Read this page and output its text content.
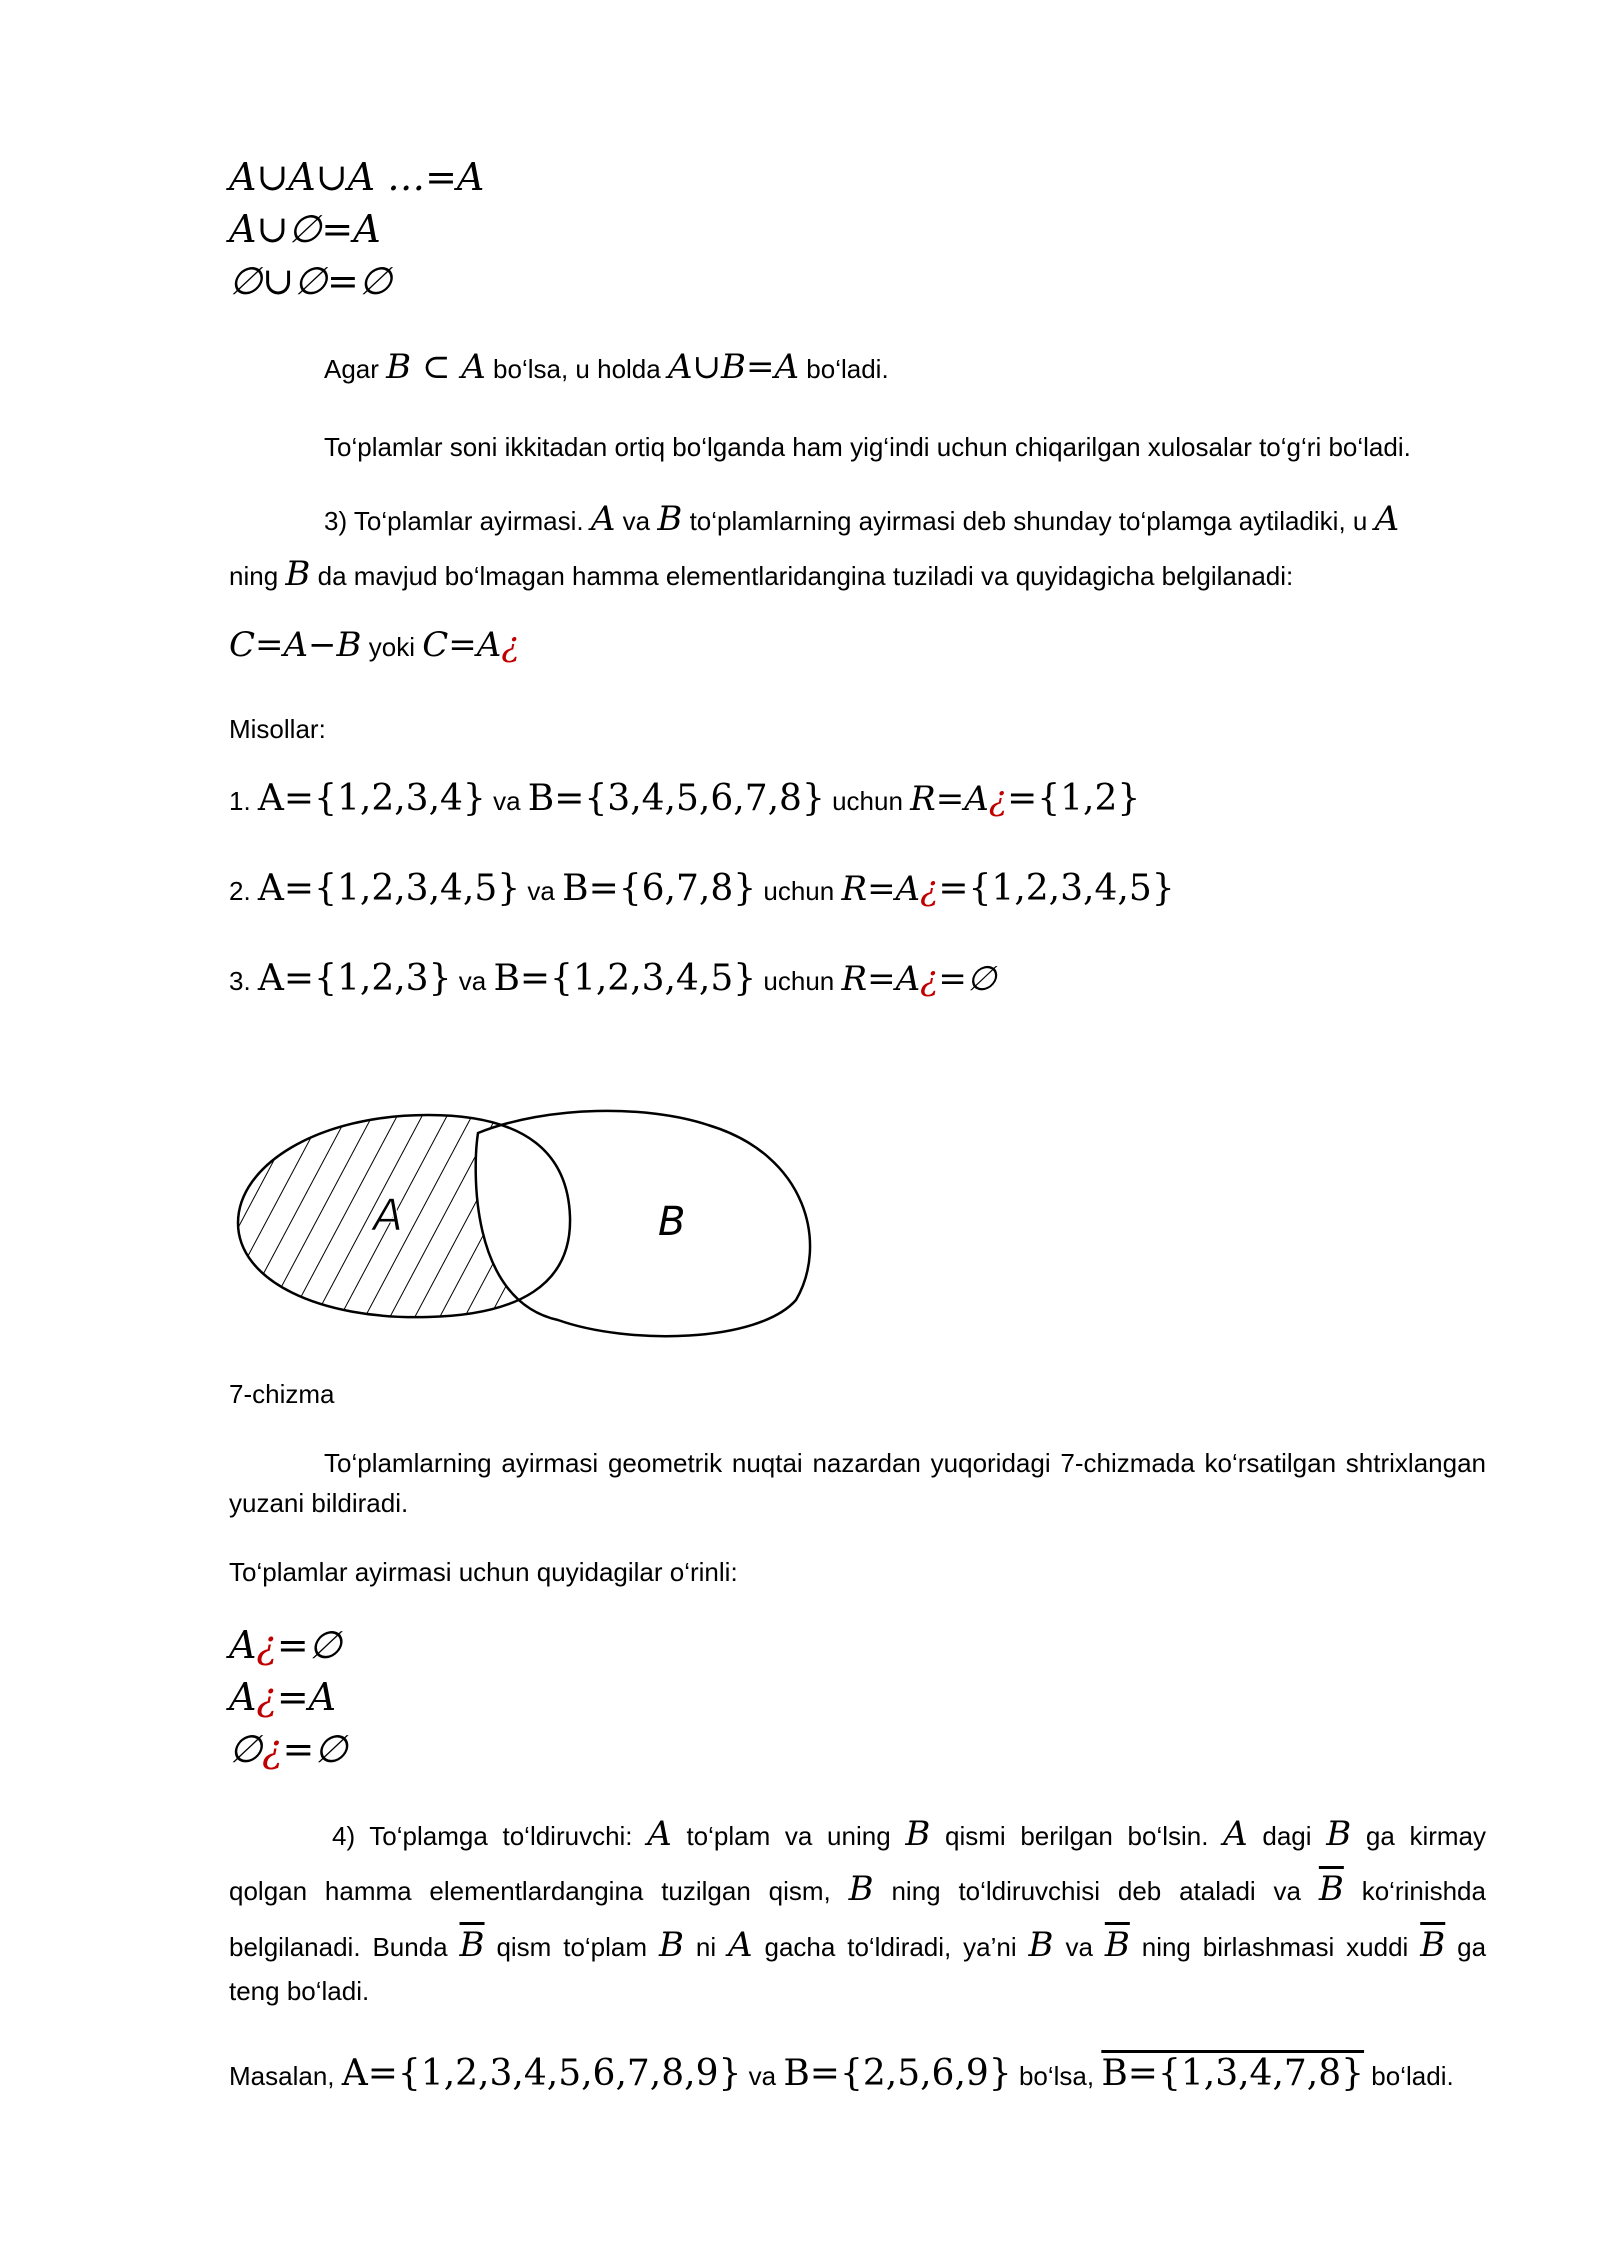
A∪A∪A …=A
A∪∅=A
∅∪∅=∅
Agar B ⊂ A bo‘lsa, u holda A∪B=A bo‘ladi.
To‘plamlar soni ikkitadan ortiq bo‘lganda ham yig‘indi uchun chiqarilgan xulosalar to‘g‘ri bo‘ladi.
3) To‘plamlar ayirmasi. A va B to‘plamlarning ayirmasi deb shunday to‘plamga aytiladiki, u A
ning B da mavjud bo‘lmagan hamma elementlaridangina tuziladi va quyidagicha belgilanadi:
C=A−B yoki C=A¿
Misollar:
1. A={1,2,3,4} va B={3,4,5,6,7,8} uchun R=A¿={1,2}
2. A={1,2,3,4,5} va B={6,7,8} uchun R=A¿={1,2,3,4,5}
3. A={1,2,3} va B={1,2,3,4,5} uchun R=A¿=∅
A	B
7-chizma
To‘plamlarning ayirmasi geometrik nuqtai nazardan yuqoridagi 7-chizmada ko‘rsatilgan shtrixlangan yuzani bildiradi.
To‘plamlar ayirmasi uchun quyidagilar o‘rinli:
A¿=∅
A¿=A
∅¿=∅
4) To‘plamga to‘ldiruvchi: A to‘plam va uning B qismi berilgan bo‘lsin. A dagi B ga kirmay
qolgan hamma elementlardangina tuzilgan qism, B ning to‘ldiruvchisi deb ataladi va $\overline{B}$ ko‘rinishda
belgilanadi. Bunda $\overline{B}$ qism to‘plam B ni A gacha to‘ldiradi, ya’ni B va $\overline{B}$ ning birlashmasi xuddi $\overline{B}$ ga
teng bo‘ladi.
Masalan, A={1,2,3,4,5,6,7,8,9} va B={2,5,6,9} bo‘lsa, B={1,3,4,7,8} bo‘ladi.
